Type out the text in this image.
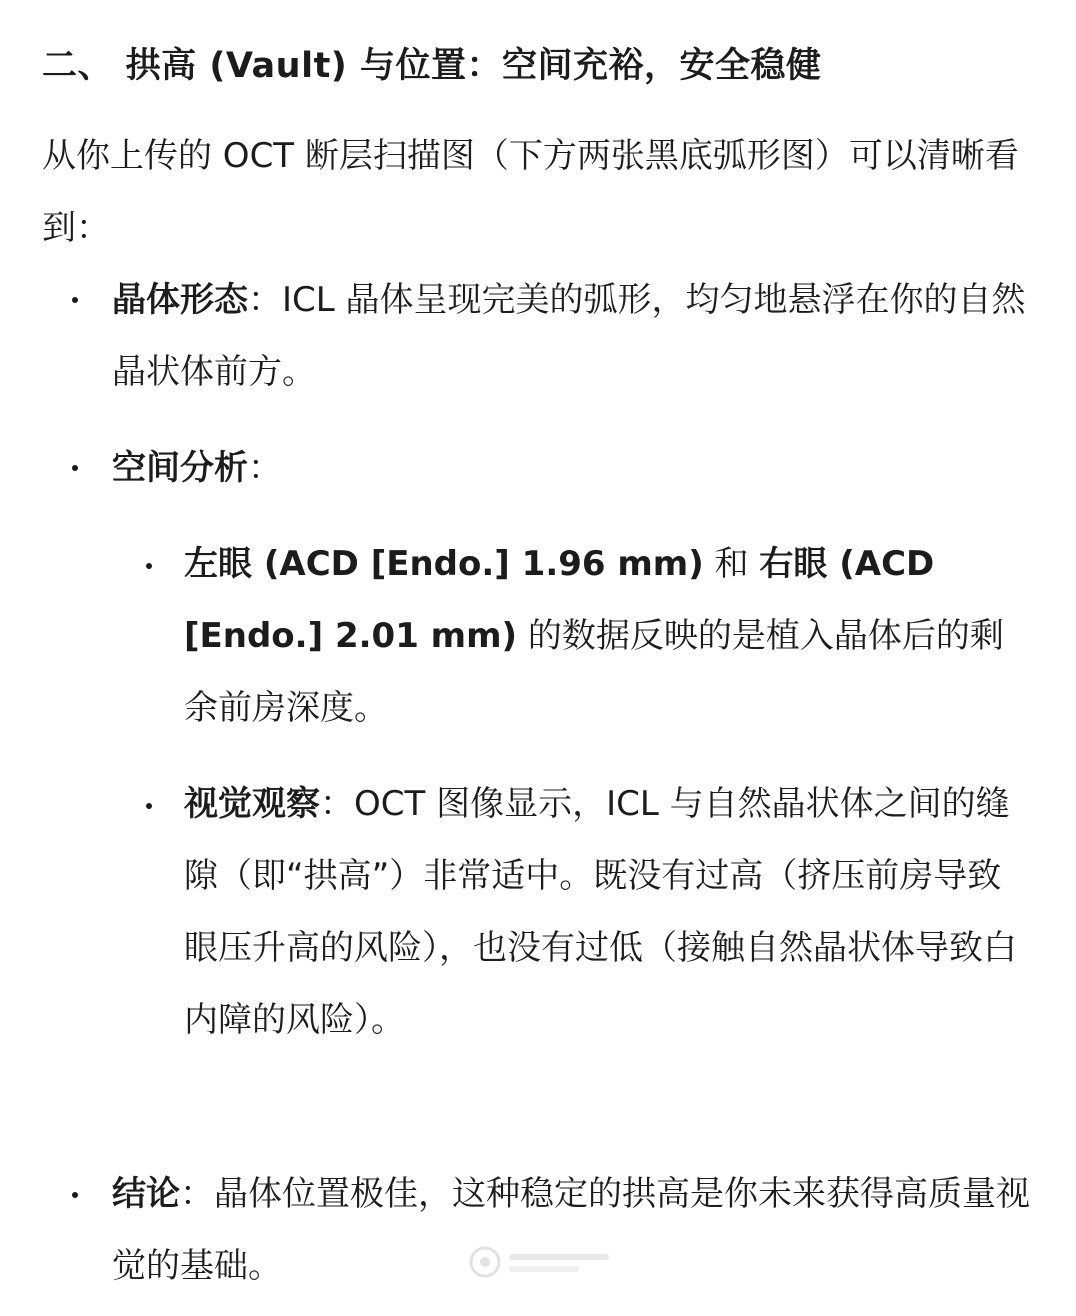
二、 拱高 (Vault) 与位置：空间充裕，安全稳健
从你上传的 OCT 断层扫描图（下方两张黑底弧形图）可以清晰看到：
晶体形态：ICL 晶体呈现完美的弧形，均匀地悬浮在你的自然晶状体前方。
空间分析：
左眼 (ACD [Endo.] 1.96 mm) 和 右眼 (ACD [Endo.] 2.01 mm) 的数据反映的是植入晶体后的剩余前房深度。
视觉观察：OCT 图像显示，ICL 与自然晶状体之间的缝隙（即“拱高”）非常适中。既没有过高（挤压前房导致眼压升高的风险），也没有过低（接触自然晶状体导致白内障的风险）。
结论：晶体位置极佳，这种稳定的拱高是你未来获得高质量视觉的基础。
